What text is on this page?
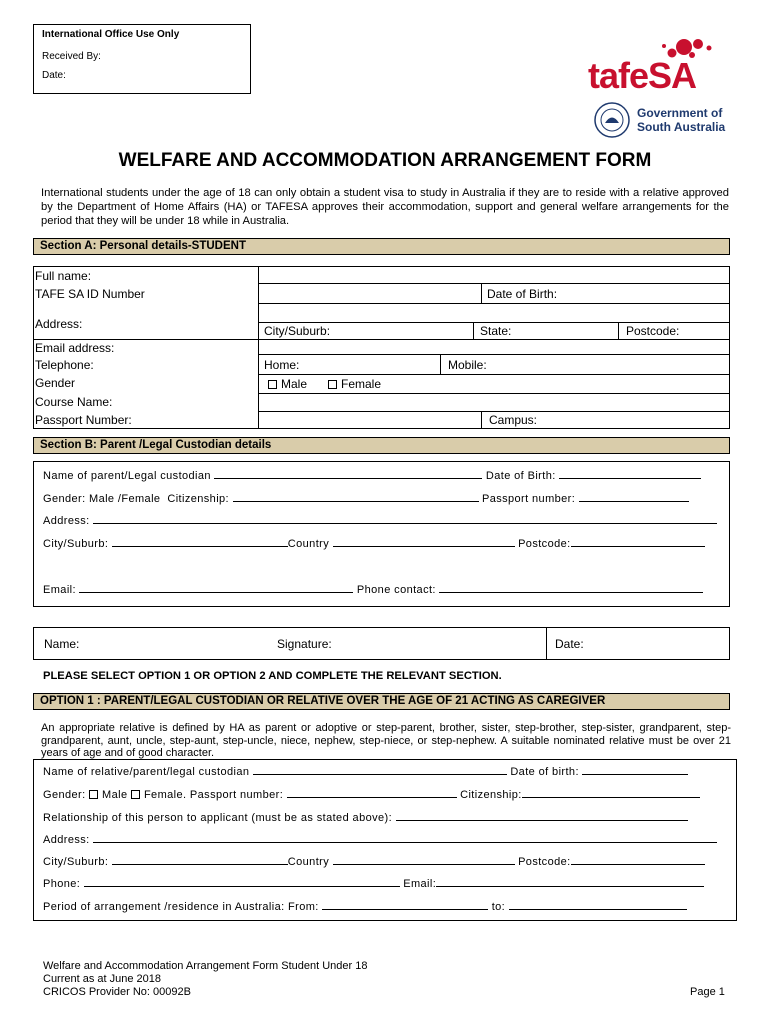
International Office Use Only
Received By:
Date:	tafeSA
Government of
South Australia
WELFARE AND ACCOMMODATION ARRANGEMENT FORM
International students under the age of 18 can only obtain a student visa to study in Australia if they are to reside with a relative approved by the Department of Home Affairs (HA) or TAFESA approves their accommodation, support and general welfare arrangements for the period that they will be under 18 while in Australia.
Section A: Personal details-STUDENT
Full name:
TAFE SA ID Number	Date of Birth:
Address:	City/Suburb:	State:	Postcode:
Email address:
Telephone:	Home:	Mobile:
Gender	Male	Female
Course Name:
Passport Number:	Campus:
Section B: Parent /Legal Custodian details
Name of parent/Legal custodian	Date of Birth:
Gender: Male /Female Citizenship:	Passport number:
Address:
City/Suburb:	Country	Postcode:
Email:	Phone contact:
Name:	Signature:	Date:
PLEASE SELECT OPTION 1 OR OPTION 2 AND COMPLETE THE RELEVANT SECTION.
OPTION 1 : PARENT/LEGAL CUSTODIAN OR RELATIVE OVER THE AGE OF 21 ACTING AS CAREGIVER
An appropriate relative is defined by HA as parent or adoptive or step-parent, brother, sister, step-brother, step-sister, grandparent, step-grandparent, aunt, uncle, step-aunt, step-uncle, niece, nephew, step-niece, or step-nephew. A suitable nominated relative must be over 21 years of age and of good character.
Name of relative/parent/legal custodian	Date of birth:
Gender: Male Female. Passport number:	Citizenship:
Relationship of this person to applicant (must be as stated above):
Address:
City/Suburb:	Country	Postcode:
Phone:	Email:
Period of arrangement /residence in Australia: From:	to:
Welfare and Accommodation Arrangement Form Student Under 18
Current as at June 2018
CRICOS Provider No: 00092B	Page 1
